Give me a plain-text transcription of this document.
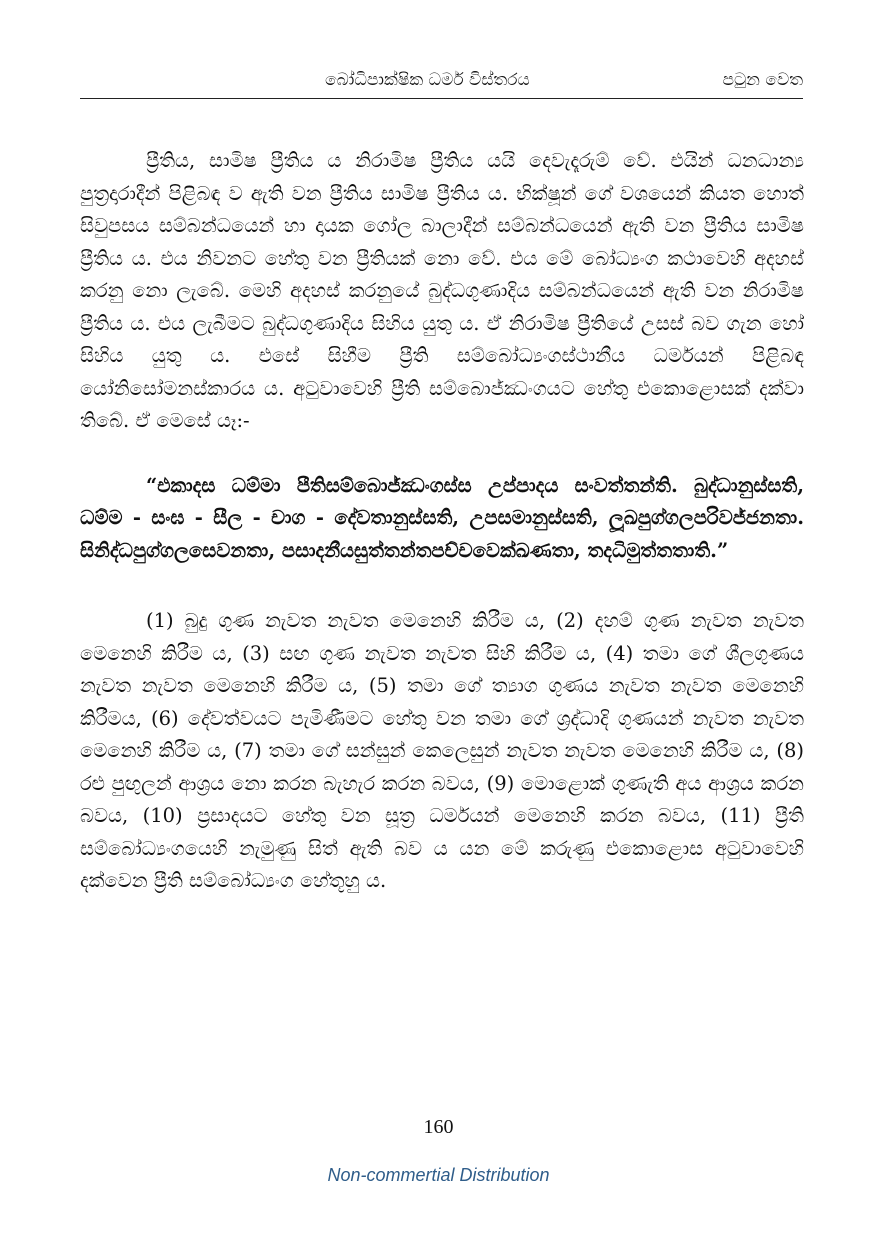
බෝධිපාක්ෂික ධර්ම විස්තරය	පටුන වෙත

ප්‍රීතිය, සාමිෂ ප්‍රීතිය ය නිරාමිෂ ප්‍රීතිය යයි දෙවැදෑරුම් වේ. එයින් ධනධාන්‍ය පුත්‍රදාරාදීන් පිළිබඳ ව ඇති වන ප්‍රීතිය සාමිෂ ප්‍රීතිය ය. භික්ෂූන් ගේ වශයෙන් කියත හොත් සිවුපසය සම්බන්ධයෙන් හා දායක ගෝල බාලාදීන් සම්බන්ධයෙන් ඇති වන ප්‍රීතිය සාමිෂ ප්‍රීතිය ය. එය නිවනට හේතු වන ප්‍රීතියක් නො වේ. එය මේ බෝධ්‍යංග කථාවෙහි අදහස් කරනු නො ලැබේ. මෙහි අදහස් කරනුයේ බුද්ධගුණාදිය සම්බන්ධයෙන් ඇති වන නිරාමිෂ ප්‍රීතිය ය. එය ලැබීමට බුද්ධගුණාදිය සිහිය යුතු ය. ඒ නිරාමිෂ ප්‍රීතියේ උසස් බව ගැන හෝ සිහිය යුතු ය. එසේ සිහීම ප්‍රීති සම්බෝධ්‍යංගස්ථානීය ධර්මයන් පිළිබඳ යෝනිසෝමනස්කාරය ය. අටුවාවෙහි ප්‍රීති සම්බොජ්ඣංගයට හේතු එකොළොසක් දක්වා තිබේ. ඒ මෙසේ යෑ:-

“එකාදස ධම්මා පීතිසම්බොජ්ඣංගස්ස උප්පාදය සංවත්තන්ති. බුද්ධානුස්සති, ධම්ම - සංඝ - සීල - චාග - දේවතානුස්සති, උපසමානුස්සති, ලූඛපුග්ගලපරිවජ්ජනතා. සිනිද්ධපුග්ගලසෙවනතා, පසාදනීයසුත්තන්තපච්චවෙක්ඛණතා, තදධිමුත්තතාති.”

(1) බුදු ගුණ නැවත නැවත මෙනෙහි කිරීම ය, (2) දහම් ගුණ නැවත නැවත මෙනෙහි කිරීම ය, (3) සඟ ගුණ නැවත නැවත සිහි කිරීම ය, (4) තමා ගේ ශීලගුණය නැවත නැවත මෙනෙහි කිරීම ය, (5) තමා ගේ ත්‍යාග ගුණය නැවත නැවත මෙනෙහි කිරීමය, (6) දේවත්වයට පැමිණීමට හේතු වන තමා ගේ ශ්‍රද්ධාදි ගුණයන් නැවත නැවත මෙනෙහි කිරීම ය, (7) තමා ගේ සන්සුන් කෙලෙසුන් නැවත නැවත මෙනෙහි කිරීම ය, (8) රළු පුඟුලන් ආශ්‍රය නො කරන බැහැර කරන බවය, (9) මොළොක් ගුණැති අය ආශ්‍රය කරන බවය, (10) ප්‍රසාදයට හේතු වන සූත්‍ර ධර්මයන් මෙනෙහි කරන බවය, (11) ප්‍රීති සම්බෝධ්‍යංගයෙහි නැමුණු සිත් ඇති බව ය යන මේ කරුණු එකොළොස අටුවාවෙහි දක්වෙන ප්‍රීති සම්බෝධ්‍යංග හේතූහු ය.

160
Non-commertial Distribution
